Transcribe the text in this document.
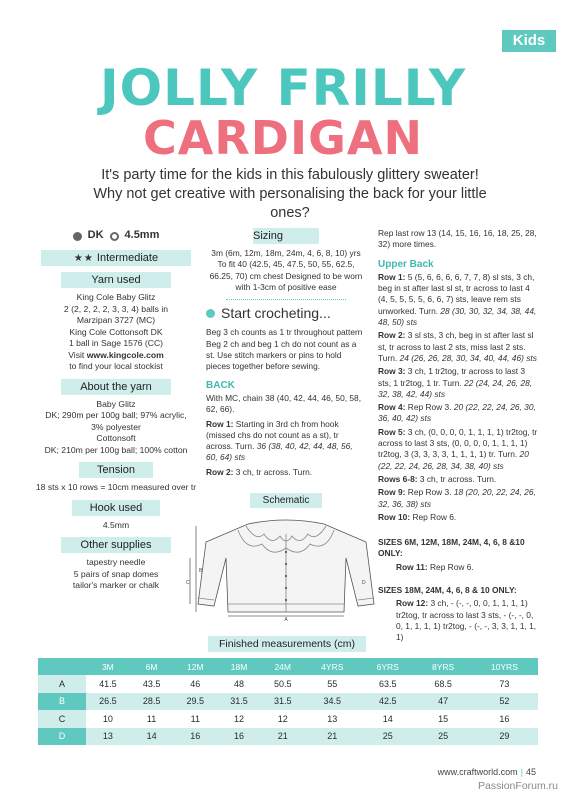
Kids
JOLLY FRILLY
CARDIGAN

It's party time for the kids in this fabulously glittery sweater! Why not get creative with personalising the back for your little ones?

DK 4.5mm
★★ Intermediate
Yarn used

King Cole Baby Glitz

2 (2, 2, 2, 2, 3, 3, 4) balls in

Marzipan 3727 (MC)

King Cole Cottonsoft DK

1 ball in Sage 1576 (CC)

Visit www.kingcole.com

to find your local stockist

About the yarn

Baby Glitz

DK; 290m per 100g ball; 97% acrylic,

3% polyester

Cottonsoft

DK; 210m per 100g ball; 100% cotton

Tension

18 sts x 10 rows = 10cm measured over tr

Hook used

4.5mm

Other supplies

tapestry needle

5 pairs of snap domes

tailor's marker or chalk

Sizing

3m (6m, 12m, 18m, 24m, 4, 6, 8, 10) yrs To fit 40 (42.5, 45, 47.5, 50, 55, 62.5, 66.25, 70) cm chest Designed to be worn with 1-3cm of positive ease

Start crocheting...

Beg 3 ch counts as 1 tr throughout pattern Beg 2 ch and beg 1 ch do not count as a st. Use stitch markers or pins to hold pieces together before sewing.

BACK

With MC, chain 38 (40, 42, 44, 46, 50, 58, 62, 66).

Row 1: Starting in 3rd ch from hook (missed chs do not count as a st), tr across. Turn. 36 (38, 40, 42, 44, 48, 56, 60, 64) sts

Row 2: 3 ch, tr across. Turn.

Rep last row 13 (14, 15, 16, 16, 18, 25, 28, 32) more times.

Upper Back

Row 1: 5 (5, 6, 6, 6, 6, 7, 7, 8) sl sts, 3 ch, beg in st after last sl st, tr across to last 4 (4, 5, 5, 5, 5, 6, 6, 7) sts, leave rem sts unworked. Turn. 28 (30, 30, 32, 34, 38, 44, 48, 50) sts

Row 2: 3 sl sts, 3 ch, beg in st after last sl st, tr across to last 2 sts, miss last 2 sts. Turn. 24 (26, 26, 28, 30, 34, 40, 44, 46) sts

Row 3: 3 ch, 1 tr2tog, tr across to last 3 sts, 1 tr2tog, 1 tr. Turn. 22 (24, 24, 26, 28, 32, 38, 42, 44) sts

Row 4: Rep Row 3. 20 (22, 22, 24, 26, 30, 36, 40, 42) sts

Row 5: 3 ch, (0, 0, 0, 0, 1, 1, 1, 1) tr2tog, tr across to last 3 sts, (0, 0, 0, 0, 1, 1, 1, 1) tr2tog, 3 (3, 3, 3, 3, 1, 1, 1, 1) tr. Turn. 20 (22, 22, 24, 26, 28, 34, 38, 40) sts

Rows 6-8: 3 ch, tr across. Turn.

Row 9: Rep Row 3. 18 (20, 20, 22, 24, 26, 32, 36, 38) sts

Row 10: Rep Row 6.

SIZES 6M, 12M, 18M, 24M, 4, 6, 8 &10 ONLY:

Row 11: Rep Row 6.

SIZES 18M, 24M, 4, 6, 8 & 10 ONLY:

Row 12: 3 ch, - (-, -, 0, 0, 1, 1, 1, 1) tr2tog, tr across to last 3 sts, - (-, -, 0, 0, 1, 1, 1, 1) tr2tog, - (-, -, 3, 3, 1, 1, 1, 1)

Schematic
A
B
C	D
Finished measurements (cm)
	3M	6M	12M	18M	24M	4YRS	6YRS	8YRS	10YRS
A	41.5	43.5	46	48	50.5	55	63.5	68.5	73
B	26.5	28.5	29.5	31.5	31.5	34.5	42.5	47	52
C	10	11	11	12	12	13	14	15	16
D	13	14	16	16	21	21	25	25	29
www.craftworld.com | 45
PassionForum.ru
